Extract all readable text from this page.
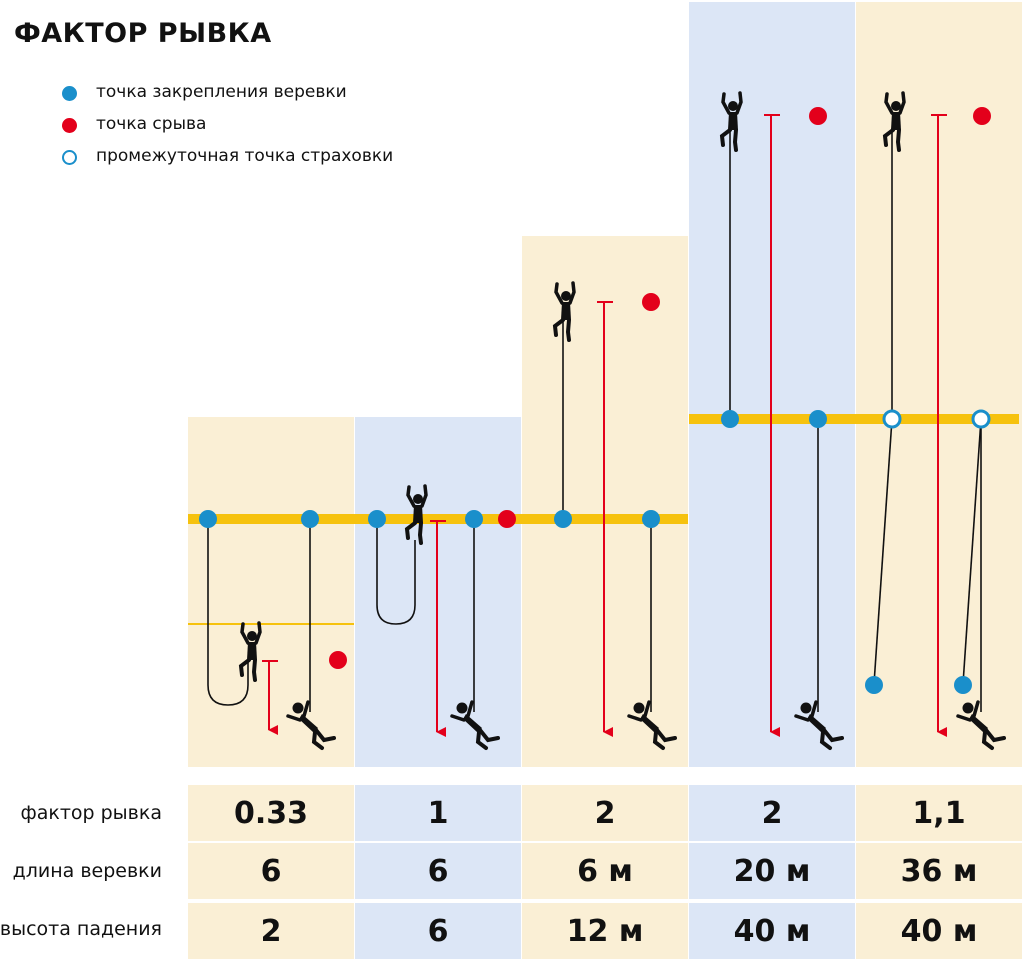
ФАКТОР РЫВКА
точка закрепления веревки
точка срыва
промежуточная точка страховки
фактор рывка	0.33	1	2	2	1,1
длина веревки	6	6	6 м	20 м	36 м
высота падения	2	6	12 м	40 м	40 м
